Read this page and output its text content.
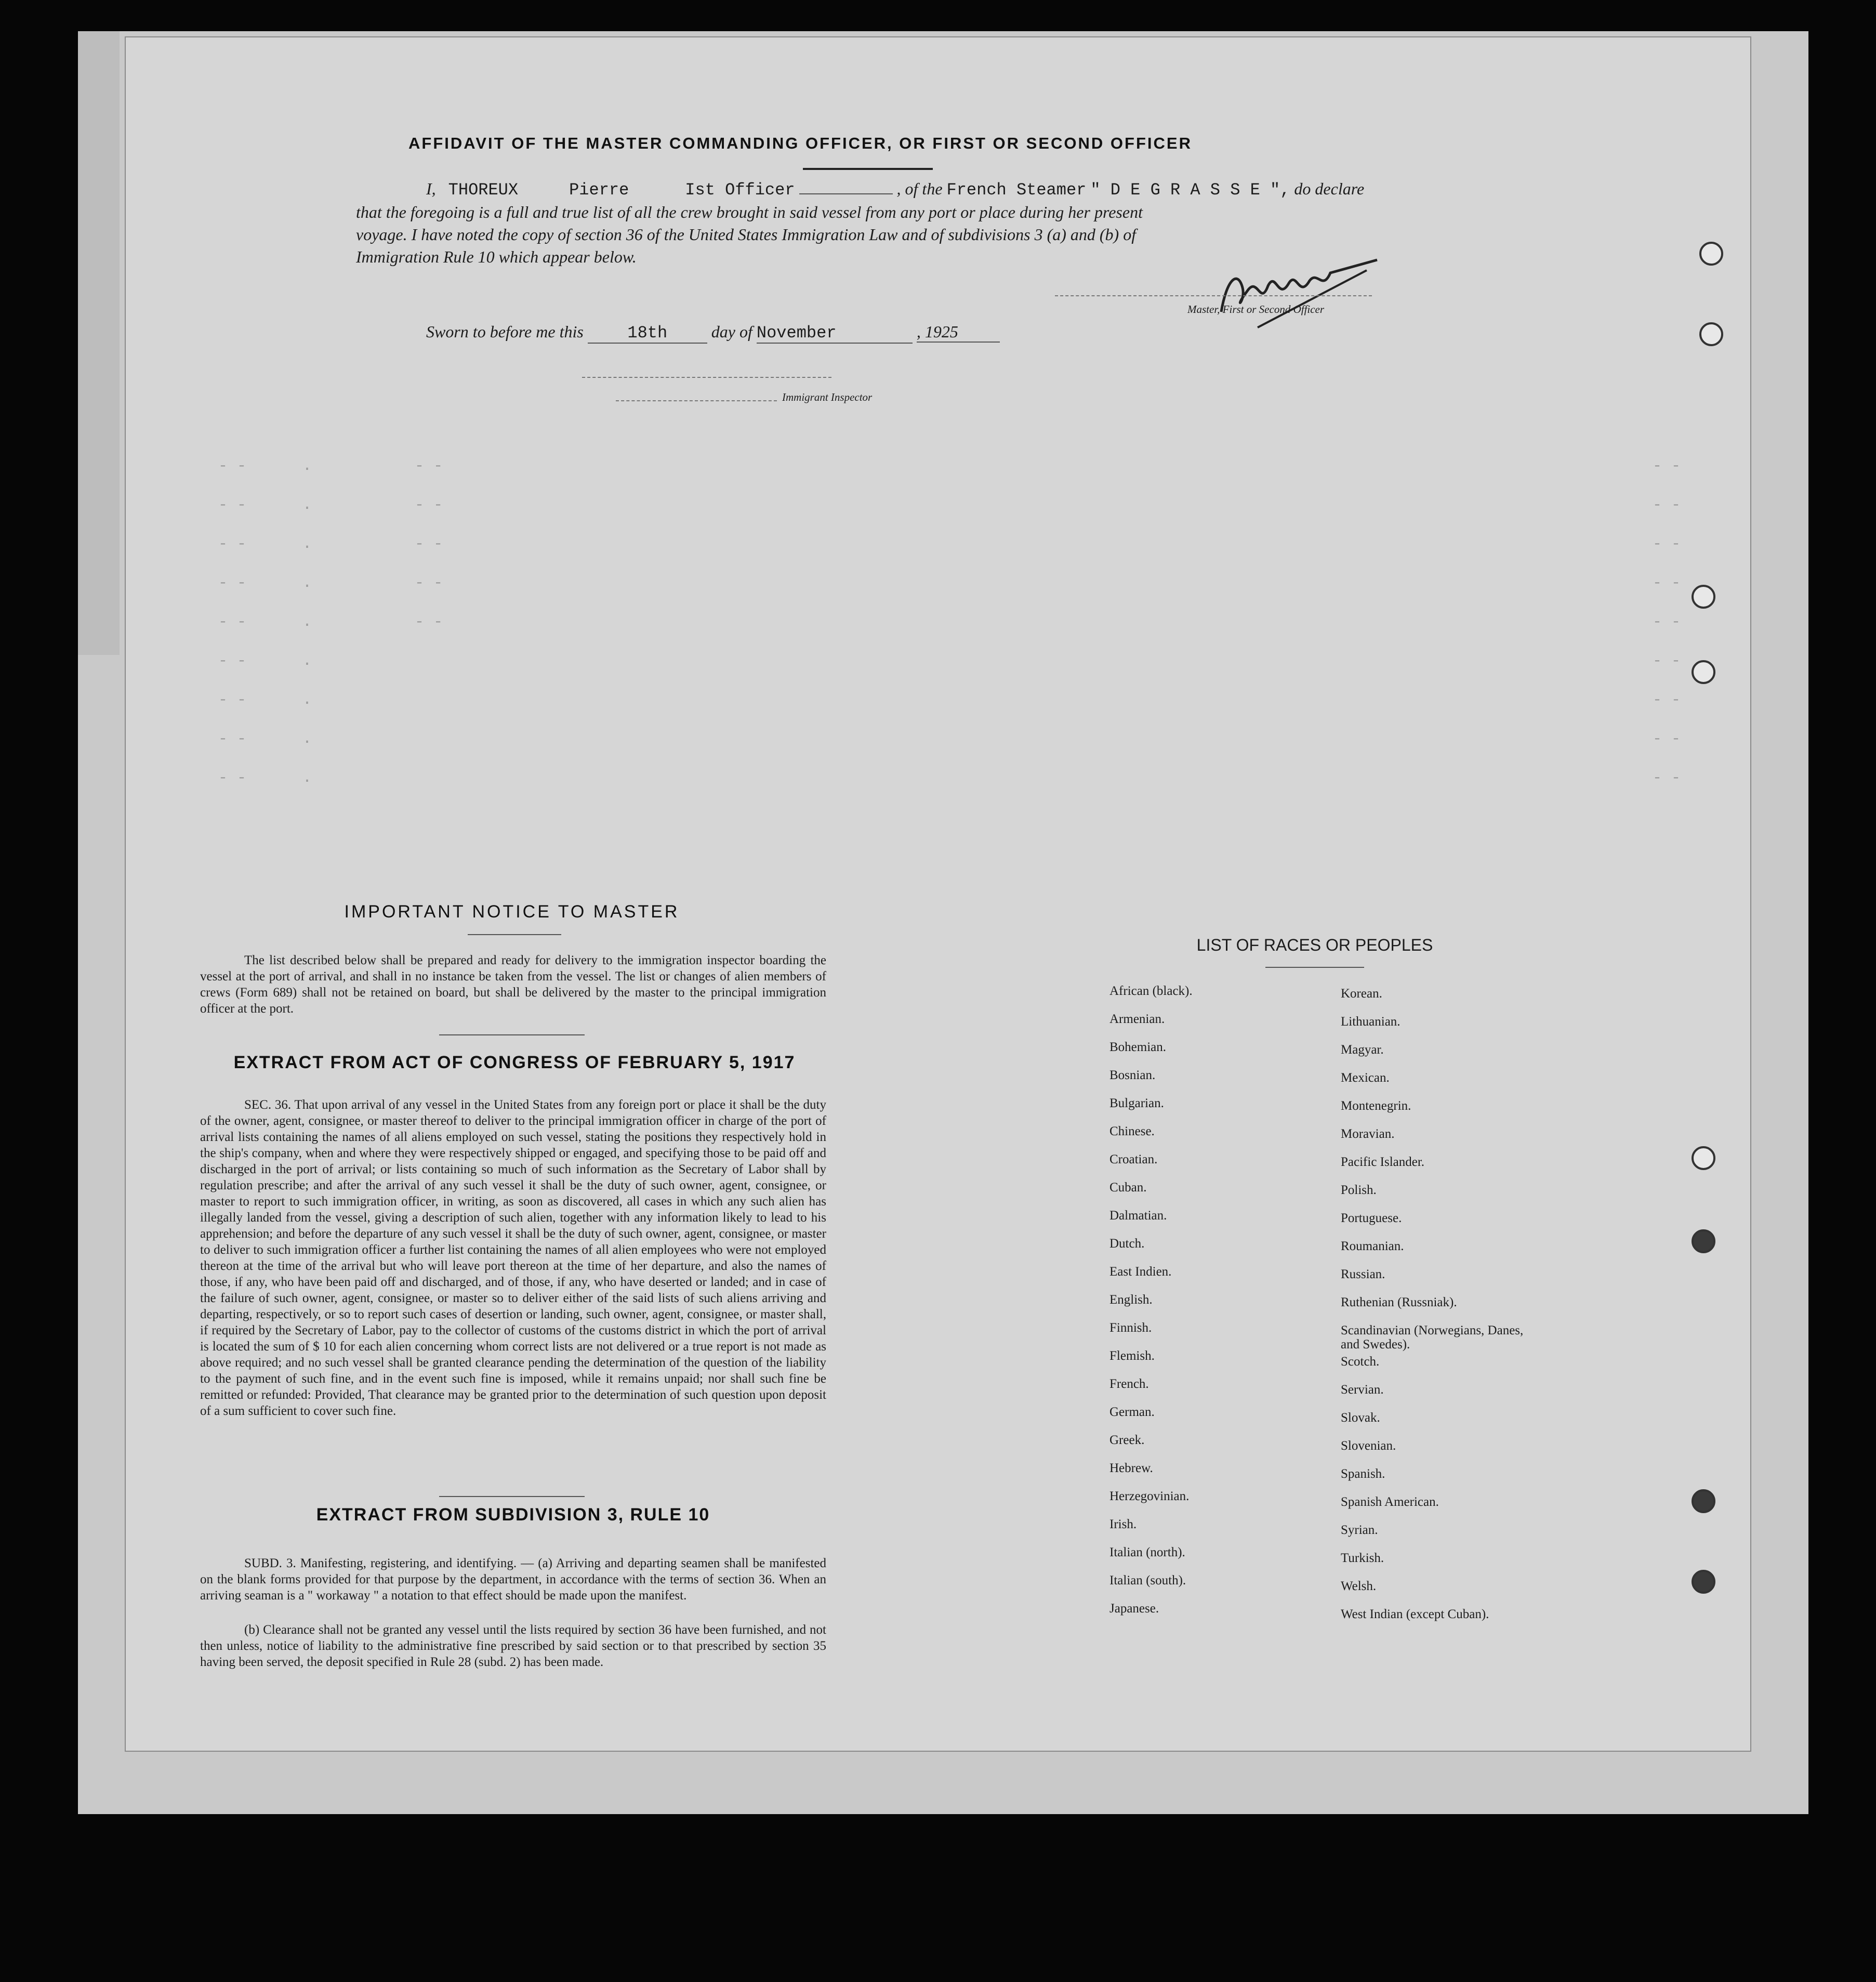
- -      .           - -
- -      .           - -
- -      .           - -
- -      .           - -
- -      .           - -
- -      .
- -      .
- -      .
- -      .
- -
- -
- -
- -
- -
- -
- -
- -
- -
AFFIDAVIT OF THE MASTER COMMANDING OFFICER, OR FIRST OR SECOND OFFICER
I, THOREUX	Pierre	Ist Officer	, of the French Steamer " D E G R A S S E ", do declare
that the foregoing is a full and true list of all the crew brought in said vessel from any port or place during her present
voyage. I have noted the copy of section 36 of the United States Immigration Law and of subdivisions 3 (a) and (b) of
Immigration Rule 10 which appear below.
Master, First or Second Officer
Sworn to before me this	18th	day of November	, 1925
Immigrant Inspector
IMPORTANT NOTICE TO MASTER
The list described below shall be prepared and ready for delivery to the immigration inspector boarding the vessel at the port of arrival, and shall in no instance be taken from the vessel. The list or changes of alien members of crews (Form 689) shall not be retained on board, but shall be delivered by the master to the principal immigration officer at the port.
EXTRACT FROM ACT OF CONGRESS OF FEBRUARY 5, 1917
SEC. 36. That upon arrival of any vessel in the United States from any foreign port or place it shall be the duty of the owner, agent, consignee, or master thereof to deliver to the principal immigration officer in charge of the port of arrival lists containing the names of all aliens employed on such vessel, stating the positions they respectively hold in the ship's company, when and where they were respectively shipped or engaged, and specifying those to be paid off and discharged in the port of arrival; or lists containing so much of such information as the Secretary of Labor shall by regulation prescribe; and after the arrival of any such vessel it shall be the duty of such owner, agent, consignee, or master to report to such immigration officer, in writing, as soon as discovered, all cases in which any such alien has illegally landed from the vessel, giving a description of such alien, together with any information likely to lead to his apprehension; and before the departure of any such vessel it shall be the duty of such owner, agent, consignee, or master to deliver to such immigration officer a further list containing the names of all alien employees who were not employed thereon at the time of the arrival but who will leave port thereon at the time of her departure, and also the names of those, if any, who have been paid off and discharged, and of those, if any, who have deserted or landed; and in case of the failure of such owner, agent, consignee, or master so to deliver either of the said lists of such aliens arriving and departing, respectively, or so to report such cases of desertion or landing, such owner, agent, consignee, or master shall, if required by the Secretary of Labor, pay to the collector of customs of the customs district in which the port of arrival is located the sum of $ 10 for each alien concerning whom correct lists are not delivered or a true report is not made as above required; and no such vessel shall be granted clearance pending the determination of the question of the liability to the payment of such fine, and in the event such fine is imposed, while it remains unpaid; nor shall such fine be remitted or refunded: Provided, That clearance may be granted prior to the determination of such question upon deposit of a sum sufficient to cover such fine.
EXTRACT FROM SUBDIVISION 3, RULE 10
SUBD. 3. Manifesting, registering, and identifying. — (a) Arriving and departing seamen shall be manifested on the blank forms provided for that purpose by the department, in accordance with the terms of section 36. When an arriving seaman is a " workaway " a notation to that effect should be made upon the manifest.
(b) Clearance shall not be granted any vessel until the lists required by section 36 have been furnished, and not then unless, notice of liability to the administrative fine prescribed by said section or to that prescribed by section 35 having been served, the deposit specified in Rule 28 (subd. 2) has been made.
LIST OF RACES OR PEOPLES
African (black).
Armenian.
Bohemian.
Bosnian.
Bulgarian.
Chinese.
Croatian.
Cuban.
Dalmatian.
Dutch.
East Indien.
English.
Finnish.
Flemish.
French.
German.
Greek.
Hebrew.
Herzegovinian.
Irish.
Italian (north).
Italian (south).
Japanese.
Korean.
Lithuanian.
Magyar.
Mexican.
Montenegrin.
Moravian.
Pacific Islander.
Polish.
Portuguese.
Roumanian.
Russian.
Ruthenian (Russniak).
Scandinavian (Norwegians, Danes, and Swedes).
Scotch.
Servian.
Slovak.
Slovenian.
Spanish.
Spanish American.
Syrian.
Turkish.
Welsh.
West Indian (except Cuban).
